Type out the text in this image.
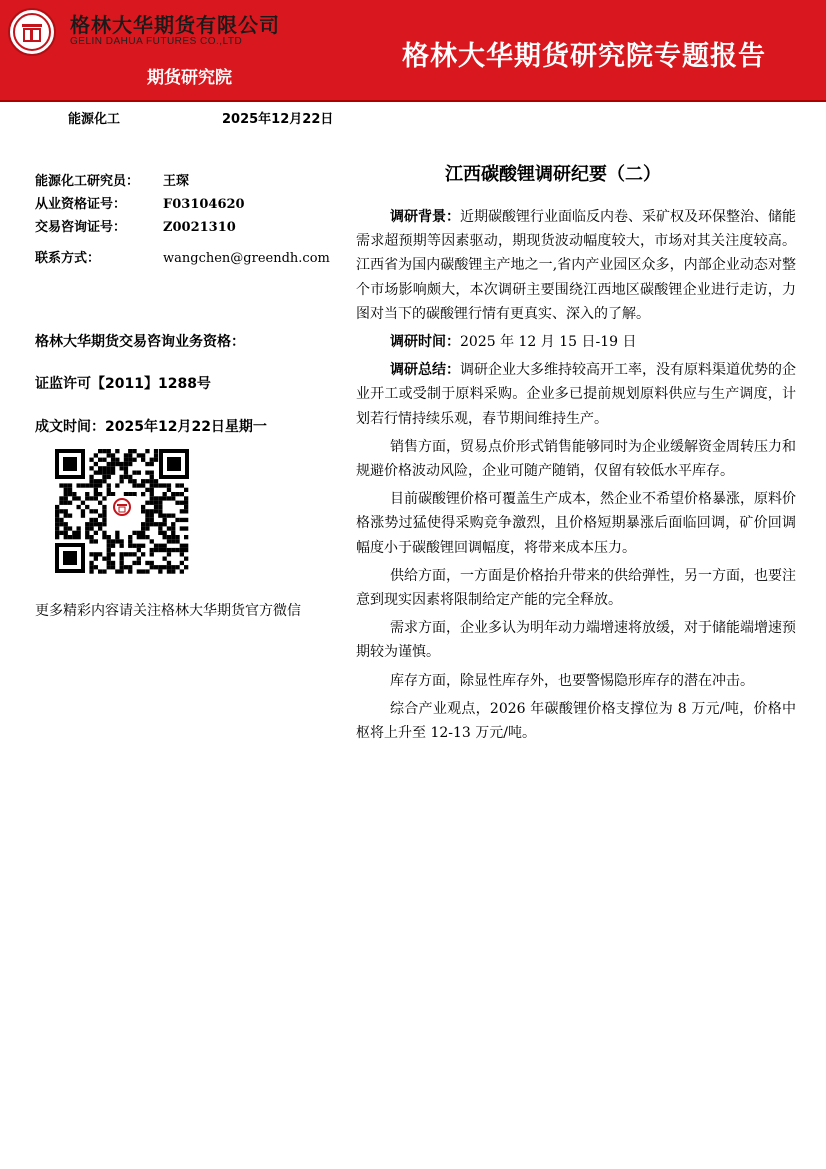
格林大华期货有限公司
GELIN DAHUA FUTURES CO.,LTD
期货研究院
格林大华期货研究院专题报告
能源化工	2025年12月22日
能源化工研究员： 王琛
从业资格证号：	F03104620
交易咨询证号：	Z0021310
联系方式：	wangchen@greendh.com
格林大华期货交易咨询业务资格：
证监许可【2011】1288号
成文时间：2025年12月22日星期一
更多精彩内容请关注格林大华期货官方微信
江西碳酸锂调研纪要（二）

调研背景：近期碳酸锂行业面临反内卷、采矿权及环保整治、储能需求超预期等因素驱动，期现货波动幅度较大，市场对其关注度较高。江西省为国内碳酸锂主产地之一,省内产业园区众多，内部企业动态对整个市场影响颇大，本次调研主要围绕江西地区碳酸锂企业进行走访，力图对当下的碳酸锂行情有更真实、深入的了解。

调研时间：2025 年 12 月 15 日-19 日

调研总结：调研企业大多维持较高开工率，没有原料渠道优势的企业开工或受制于原料采购。企业多已提前规划原料供应与生产调度，计划若行情持续乐观，春节期间维持生产。

销售方面，贸易点价形式销售能够同时为企业缓解资金周转压力和规避价格波动风险，企业可随产随销，仅留有较低水平库存。

目前碳酸锂价格可覆盖生产成本，然企业不希望价格暴涨，原料价格涨势过猛使得采购竞争激烈，且价格短期暴涨后面临回调，矿价回调幅度小于碳酸锂回调幅度，将带来成本压力。

供给方面，一方面是价格抬升带来的供给弹性，另一方面，也要注意到现实因素将限制给定产能的完全释放。

需求方面，企业多认为明年动力端增速将放缓，对于储能端增速预期较为谨慎。

库存方面，除显性库存外，也要警惕隐形库存的潜在冲击。

综合产业观点，2026 年碳酸锂价格支撑位为 8 万元/吨，价格中枢将上升至 12-13 万元/吨。
